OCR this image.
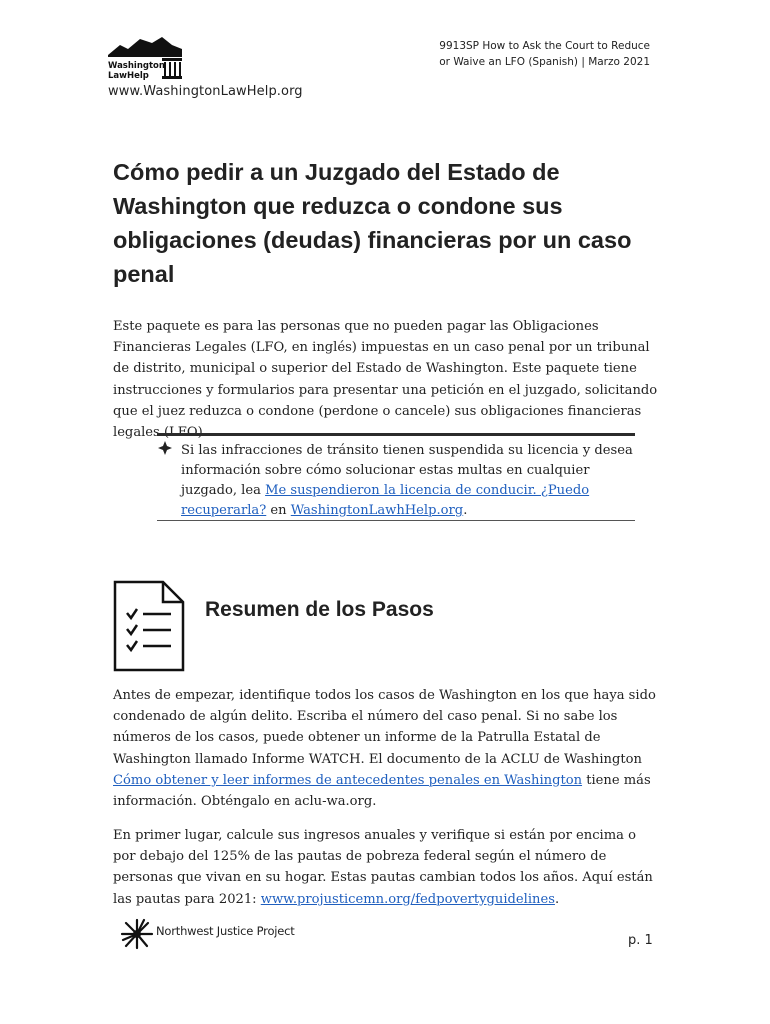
Washington
LawHelp
www.WashingtonLawHelp.org
9913SP How to Ask the Court to Reduce
or Waive an LFO (Spanish) | Marzo 2021
Cómo pedir a un Juzgado del Estado de Washington que reduzca o condone sus obligaciones (deudas) financieras por un caso penal

Este paquete es para las personas que no pueden pagar las Obligaciones Financieras Legales (LFO, en inglés) impuestas en un caso penal por un tribunal de distrito, municipal o superior del Estado de Washington. Este paquete tiene instrucciones y formularios para presentar una petición en el juzgado, solicitando que el juez reduzca o condone (perdone o cancele) sus obligaciones financieras legales (LFO).

Si las infracciones de tránsito tienen suspendida su licencia y desea información sobre cómo solucionar estas multas en cualquier juzgado, lea Me suspendieron la licencia de conducir. ¿Puedo recuperarla? en WashingtonLawhHelp.org.
Resumen de los Pasos

Antes de empezar, identifique todos los casos de Washington en los que haya sido condenado de algún delito. Escriba el número del caso penal. Si no sabe los números de los casos, puede obtener un informe de la Patrulla Estatal de Washington llamado Informe WATCH. El documento de la ACLU de Washington Cómo obtener y leer informes de antecedentes penales en Washington tiene más información. Obténgalo en aclu-wa.org.

En primer lugar, calcule sus ingresos anuales y verifique si están por encima o por debajo del 125% de las pautas de pobreza federal según el número de personas que vivan en su hogar. Estas pautas cambian todos los años. Aquí están las pautas para 2021: www.projusticemn.org/fedpovertyguidelines.

Northwest Justice Project
p. 1
